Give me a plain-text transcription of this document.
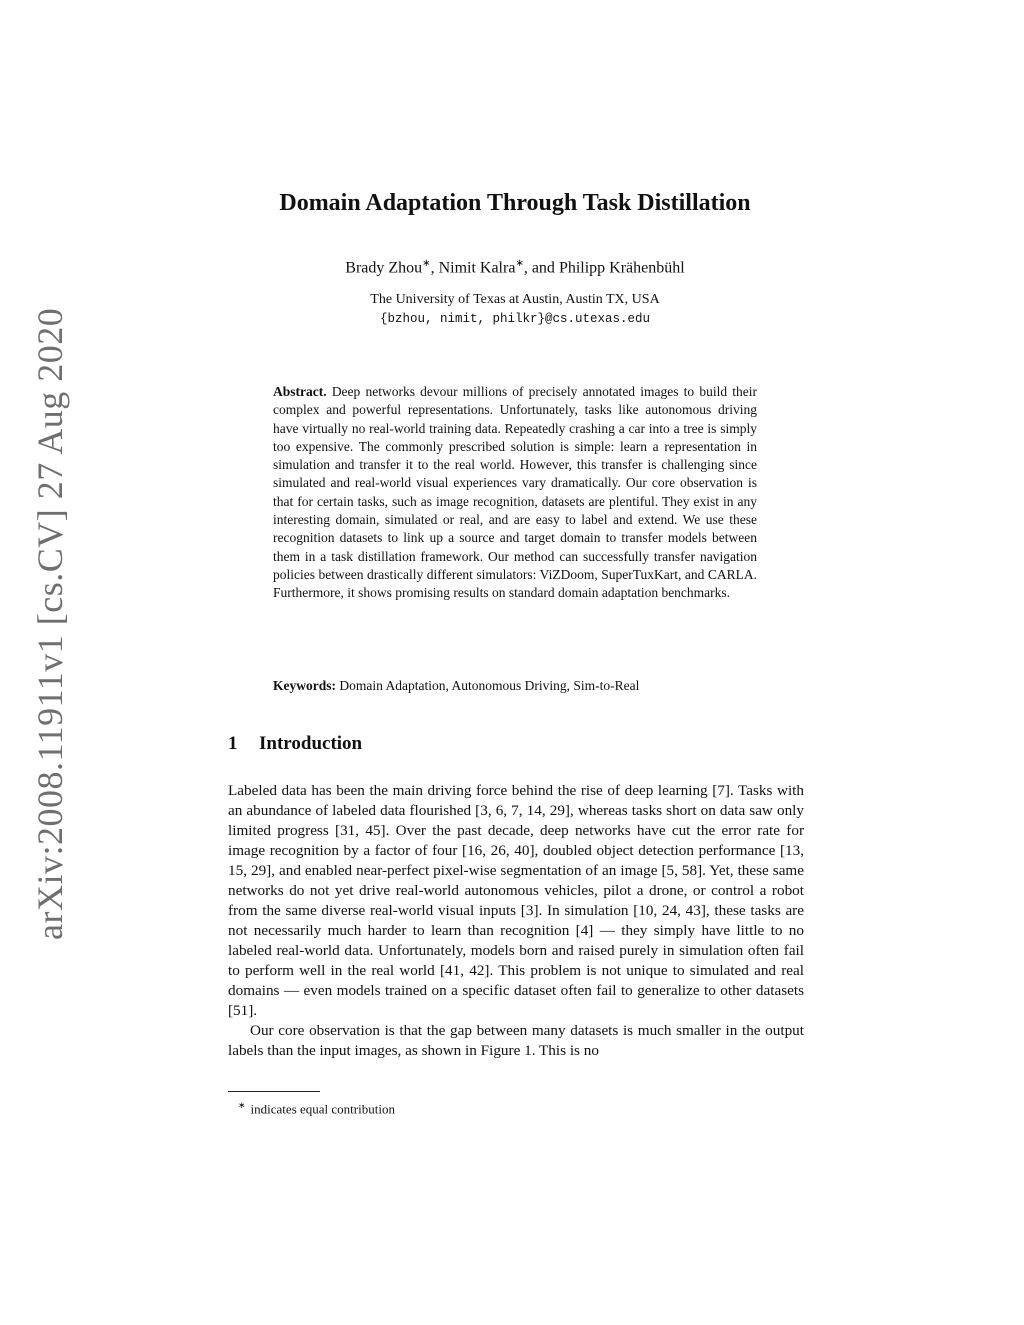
arXiv:2008.11911v1 [cs.CV] 27 Aug 2020
Domain Adaptation Through Task Distillation
Brady Zhou∗, Nimit Kalra∗, and Philipp Krähenbühl
The University of Texas at Austin, Austin TX, USA
{bzhou, nimit, philkr}@cs.utexas.edu
Abstract. Deep networks devour millions of precisely annotated images to build their complex and powerful representations. Unfortunately, tasks like autonomous driving have virtually no real-world training data. Repeatedly crashing a car into a tree is simply too expensive. The commonly prescribed solution is simple: learn a representation in simulation and transfer it to the real world. However, this transfer is challenging since simulated and real-world visual experiences vary dramatically. Our core observation is that for certain tasks, such as image recognition, datasets are plentiful. They exist in any interesting domain, simulated or real, and are easy to label and extend. We use these recognition datasets to link up a source and target domain to transfer models between them in a task distillation framework. Our method can successfully transfer navigation policies between drastically different simulators: ViZDoom, SuperTuxKart, and CARLA. Furthermore, it shows promising results on standard domain adaptation benchmarks.
Keywords: Domain Adaptation, Autonomous Driving, Sim-to-Real
1 Introduction

Labeled data has been the main driving force behind the rise of deep learning [7]. Tasks with an abundance of labeled data flourished [3, 6, 7, 14, 29], whereas tasks short on data saw only limited progress [31, 45]. Over the past decade, deep networks have cut the error rate for image recognition by a factor of four [16, 26, 40], doubled object detection performance [13, 15, 29], and enabled near-perfect pixel-wise segmentation of an image [5, 58]. Yet, these same networks do not yet drive real-world autonomous vehicles, pilot a drone, or control a robot from the same diverse real-world visual inputs [3]. In simulation [10, 24, 43], these tasks are not necessarily much harder to learn than recognition [4] — they simply have little to no labeled real-world data. Unfortunately, models born and raised purely in simulation often fail to perform well in the real world [41, 42]. This problem is not unique to simulated and real domains — even models trained on a specific dataset often fail to generalize to other datasets [51].

Our core observation is that the gap between many datasets is much smaller in the output labels than the input images, as shown in Figure 1. This is no

∗ indicates equal contribution
